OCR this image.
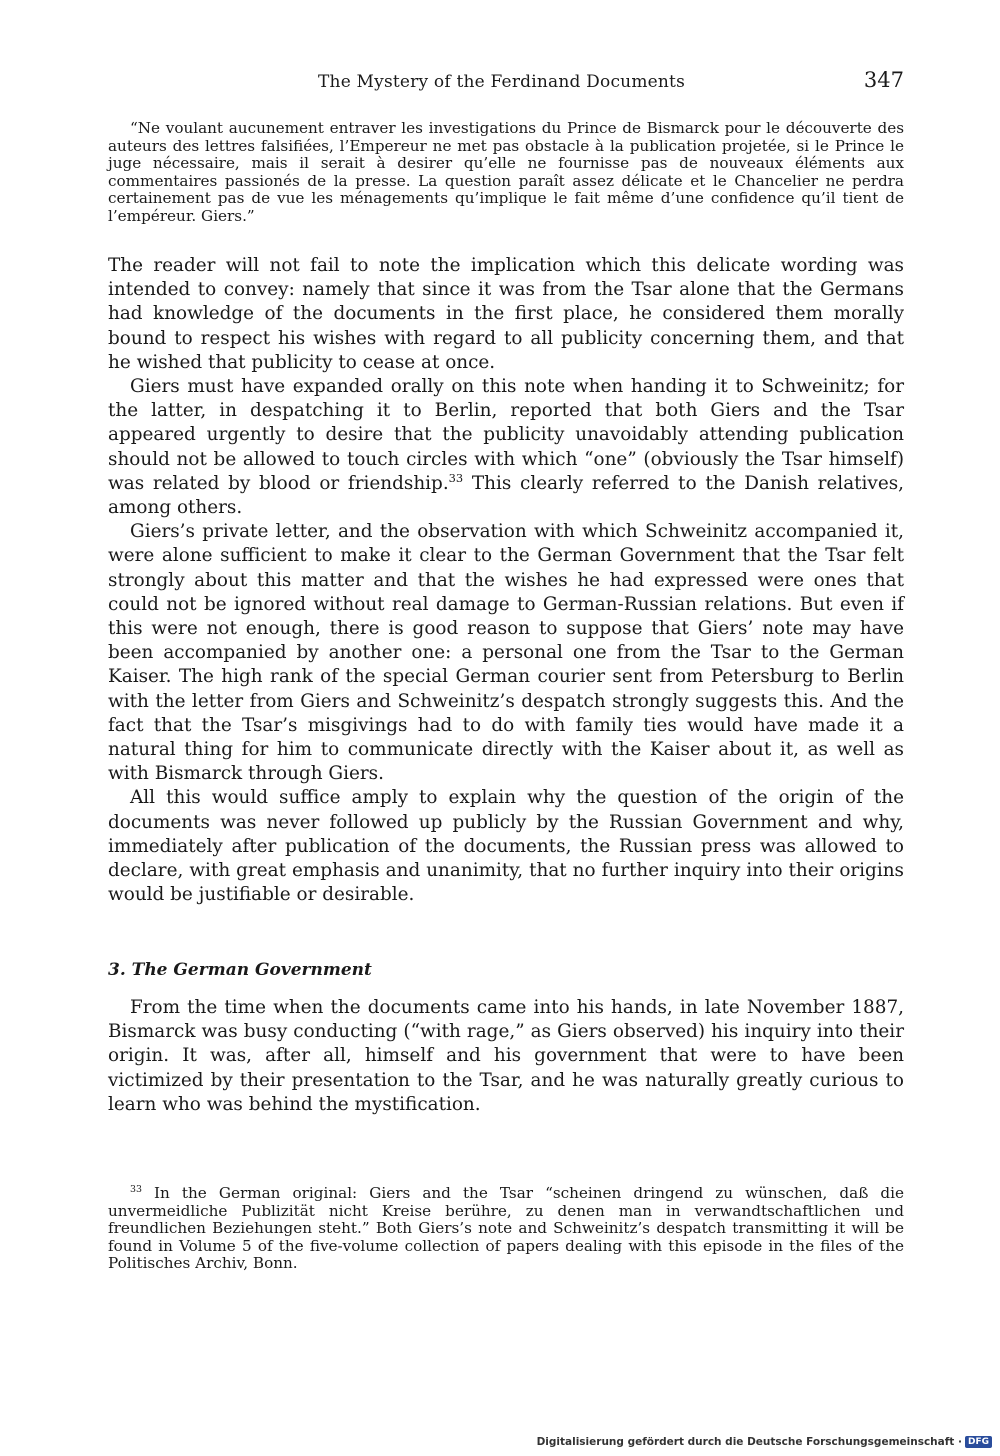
The Mystery of the Ferdinand Documents	347

“Ne voulant aucunement entraver les investigations du Prince de Bismarck pour le découverte des auteurs des lettres falsifiées, l’Empereur ne met pas obstacle à la publication projetée, si le Prince le juge nécessaire, mais il serait à desirer qu’elle ne fournisse pas de nouveaux éléments aux commentaires passionés de la presse. La question paraît assez délicate et le Chancelier ne perdra certainement pas de vue les ménagements qu’implique le fait même d’une confidence qu’il tient de l’empéreur. Giers.”

The reader will not fail to note the implication which this delicate wording was intended to convey: namely that since it was from the Tsar alone that the Germans had knowledge of the documents in the first place, he considered them morally bound to respect his wishes with regard to all publicity concerning them, and that he wished that publicity to cease at once.

Giers must have expanded orally on this note when handing it to Schweinitz; for the latter, in despatching it to Berlin, reported that both Giers and the Tsar appeared urgently to desire that the publicity unavoidably attending publication should not be allowed to touch circles with which “one” (obviously the Tsar himself) was related by blood or friendship.$^{33}$ This clearly referred to the Danish relatives, among others.

Giers’s private letter, and the observation with which Schweinitz accompanied it, were alone sufficient to make it clear to the German Government that the Tsar felt strongly about this matter and that the wishes he had expressed were ones that could not be ignored without real damage to German-Russian relations. But even if this were not enough, there is good reason to suppose that Giers’ note may have been accompanied by another one: a personal one from the Tsar to the German Kaiser. The high rank of the special German courier sent from Petersburg to Berlin with the letter from Giers and Schweinitz’s despatch strongly suggests this. And the fact that the Tsar’s misgivings had to do with family ties would have made it a natural thing for him to communicate directly with the Kaiser about it, as well as with Bismarck through Giers.

All this would suffice amply to explain why the question of the origin of the documents was never followed up publicly by the Russian Government and why, immediately after publication of the documents, the Russian press was allowed to declare, with great emphasis and unanimity, that no further inquiry into their origins would be justifiable or desirable.

3. The German Government

From the time when the documents came into his hands, in late November 1887, Bismarck was busy conducting (“with rage,” as Giers observed) his inquiry into their origin. It was, after all, himself and his government that were to have been victimized by their presentation to the Tsar, and he was naturally greatly curious to learn who was behind the mystification.

$^{33}$ In the German original: Giers and the Tsar “scheinen dringend zu wünschen, daß die unvermeidliche Publizität nicht Kreise berühre, zu denen man in verwandtschaftlichen und freundlichen Beziehungen steht.” Both Giers’s note and Schweinitz’s despatch transmitting it will be found in Volume 5 of the five-volume collection of papers dealing with this episode in the files of the Politisches Archiv, Bonn.

Digitalisierung gefördert durch die Deutsche Forschungsgemeinschaft · DFG
